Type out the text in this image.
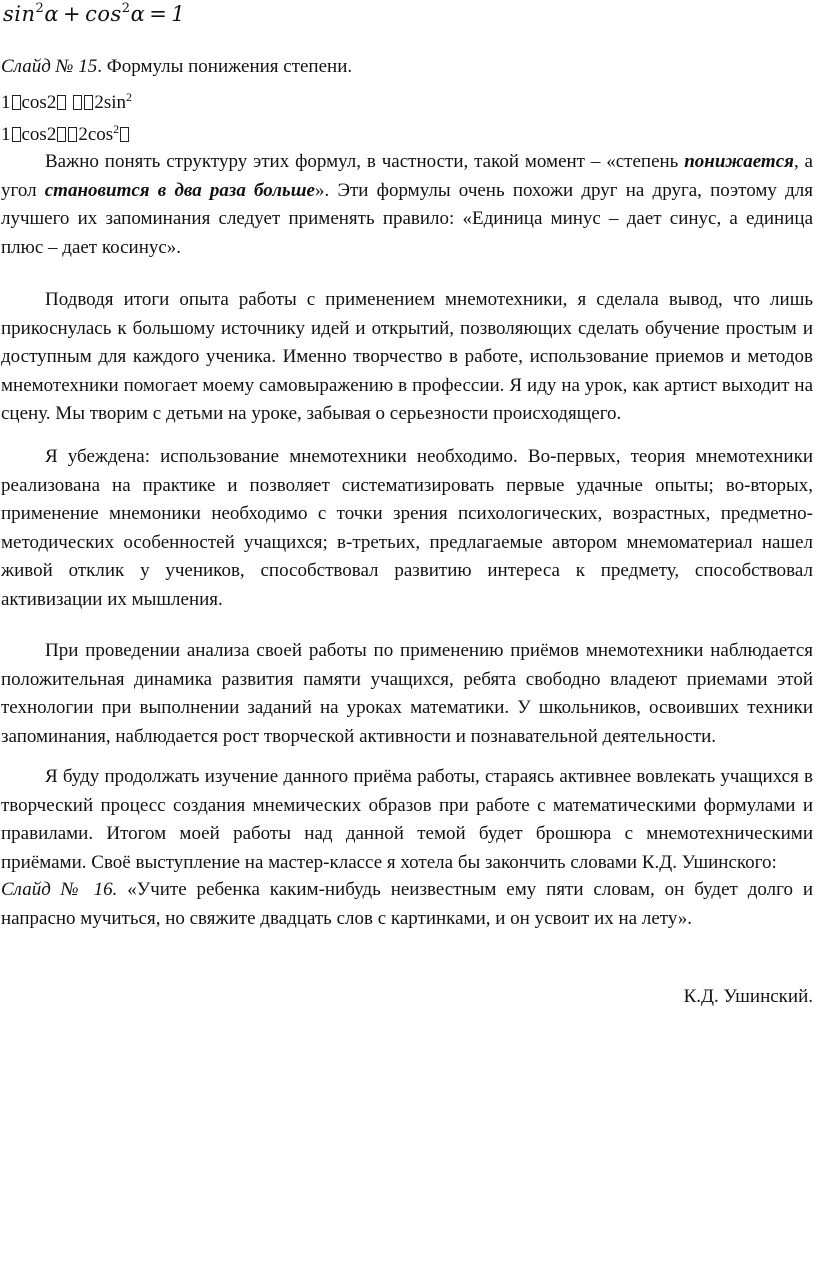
$\sin^2\alpha + \cos^2\alpha = 1$
Слайд № 15. Формулы понижения степени.
1 cos2 $2\sin^2$
1 cos2 $2\cos^2$

Важно понять структуру этих формул, в частности, такой момент – «степень понижается, а угол становится в два раза больше». Эти формулы очень похожи друг на друга, поэтому для лучшего их запоминания следует применять правило: «Единица минус – дает синус, а единица плюс – дает косинус».

Подводя итоги опыта работы с применением мнемотехники, я сделала вывод, что лишь прикоснулась к большому источнику идей и открытий, позволяющих сделать обучение простым и доступным для каждого ученика. Именно творчество в работе, использование приемов и методов мнемотехники помогает моему самовыражению в профессии. Я иду на урок, как артист выходит на сцену. Мы творим с детьми на уроке, забывая о серьезности происходящего.

Я убеждена: использование мнемотехники необходимо. Во-первых, теория мнемотехники реализована на практике и позволяет систематизировать первые удачные опыты; во-вторых, применение мнемоники необходимо с точки зрения психологических, возрастных, предметно-методических особенностей учащихся; в-третьих, предлагаемые автором мнемоматериал нашел живой отклик у учеников, способствовал развитию интереса к предмету, способствовал активизации их мышления.

При проведении анализа своей работы по применению приёмов мнемотехники наблюдается положительная динамика развития памяти учащихся, ребята свободно владеют приемами этой технологии при выполнении заданий на уроках математики. У школьников, освоивших техники запоминания, наблюдается рост творческой активности и познавательной деятельности.

Я буду продолжать изучение данного приёма работы, стараясь активнее вовлекать учащихся в творческий процесс создания мнемических образов при работе с математическими формулами и правилами. Итогом моей работы над данной темой будет брошюра с мнемотехническими приёмами. Своё выступление на мастер-классе я хотела бы закончить словами К.Д. Ушинского:

Слайд № 16. «Учите ребенка каким-нибудь неизвестным ему пяти словам, он будет долго и напрасно мучиться, но свяжите двадцать слов с картинками, и он усвоит их на лету».

К.Д. Ушинский.
